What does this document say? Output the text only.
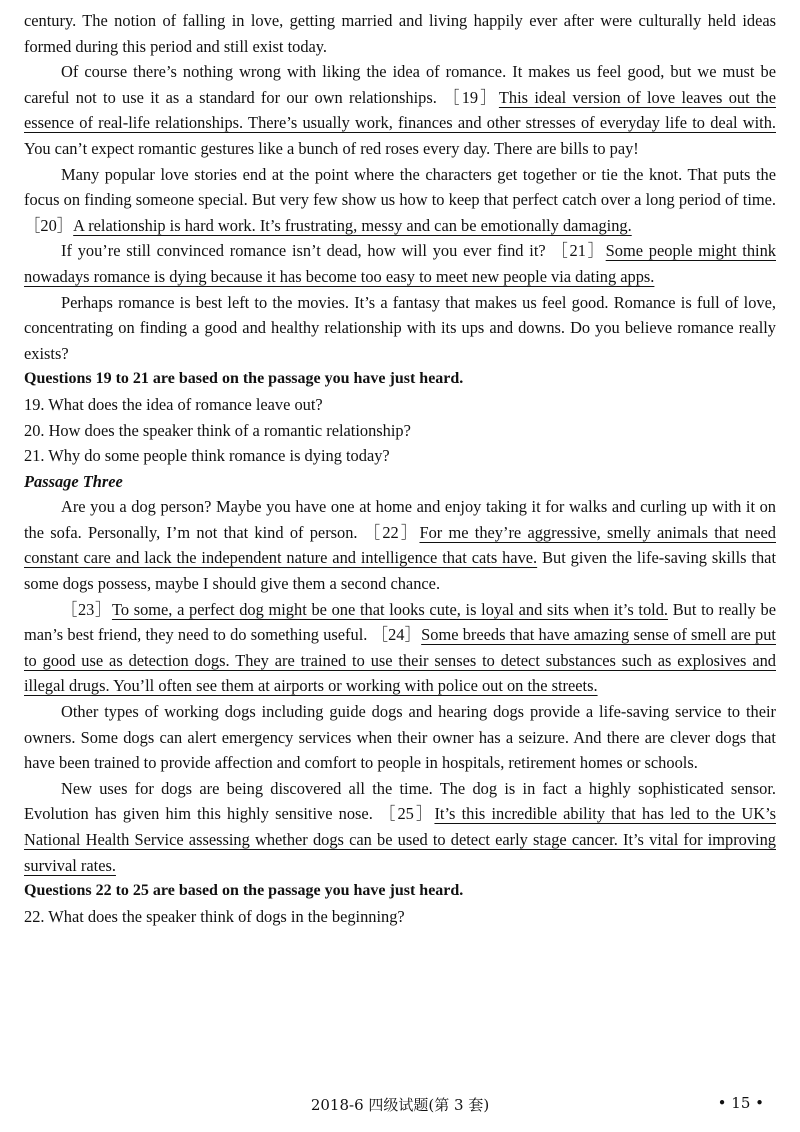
century. The notion of falling in love, getting married and living happily ever after were culturally held ideas formed during this period and still exist today.

Of course there’s nothing wrong with liking the idea of romance. It makes us feel good, but we must be careful not to use it as a standard for our own relationships. ［19］This ideal version of love leaves out the essence of real-life relationships. There’s usually work, finances and other stresses of everyday life to deal with. You can’t expect romantic gestures like a bunch of red roses every day. There are bills to pay!

Many popular love stories end at the point where the characters get together or tie the knot. That puts the focus on finding someone special. But very few show us how to keep that perfect catch over a long period of time. ［20］A relationship is hard work. It’s frustrating, messy and can be emotionally damaging.

If you’re still convinced romance isn’t dead, how will you ever find it? ［21］Some people might think nowadays romance is dying because it has become too easy to meet new people via dating apps.

Perhaps romance is best left to the movies. It’s a fantasy that makes us feel good. Romance is full of love, concentrating on finding a good and healthy relationship with its ups and downs. Do you believe romance really exists?

Questions 19 to 21 are based on the passage you have just heard.

19. What does the idea of romance leave out?

20. How does the speaker think of a romantic relationship?

21. Why do some people think romance is dying today?

Passage Three

Are you a dog person? Maybe you have one at home and enjoy taking it for walks and curling up with it on the sofa. Personally, I’m not that kind of person. ［22］For me they’re aggressive, smelly animals that need constant care and lack the independent nature and intelligence that cats have. But given the life-saving skills that some dogs possess, maybe I should give them a second chance.

［23］To some, a perfect dog might be one that looks cute, is loyal and sits when it’s told. But to really be man’s best friend, they need to do something useful. ［24］Some breeds that have amazing sense of smell are put to good use as detection dogs. They are trained to use their senses to detect substances such as explosives and illegal drugs. You’ll often see them at airports or working with police out on the streets.

Other types of working dogs including guide dogs and hearing dogs provide a life-saving service to their owners. Some dogs can alert emergency services when their owner has a seizure. And there are clever dogs that have been trained to provide affection and comfort to people in hospitals, retirement homes or schools.

New uses for dogs are being discovered all the time. The dog is in fact a highly sophisticated sensor. Evolution has given him this highly sensitive nose. ［25］It’s this incredible ability that has led to the UK’s National Health Service assessing whether dogs can be used to detect early stage cancer. It’s vital for improving survival rates.

Questions 22 to 25 are based on the passage you have just heard.

22. What does the speaker think of dogs in the beginning?

2018-6 四级试题(第 3 套)	• 15 •
